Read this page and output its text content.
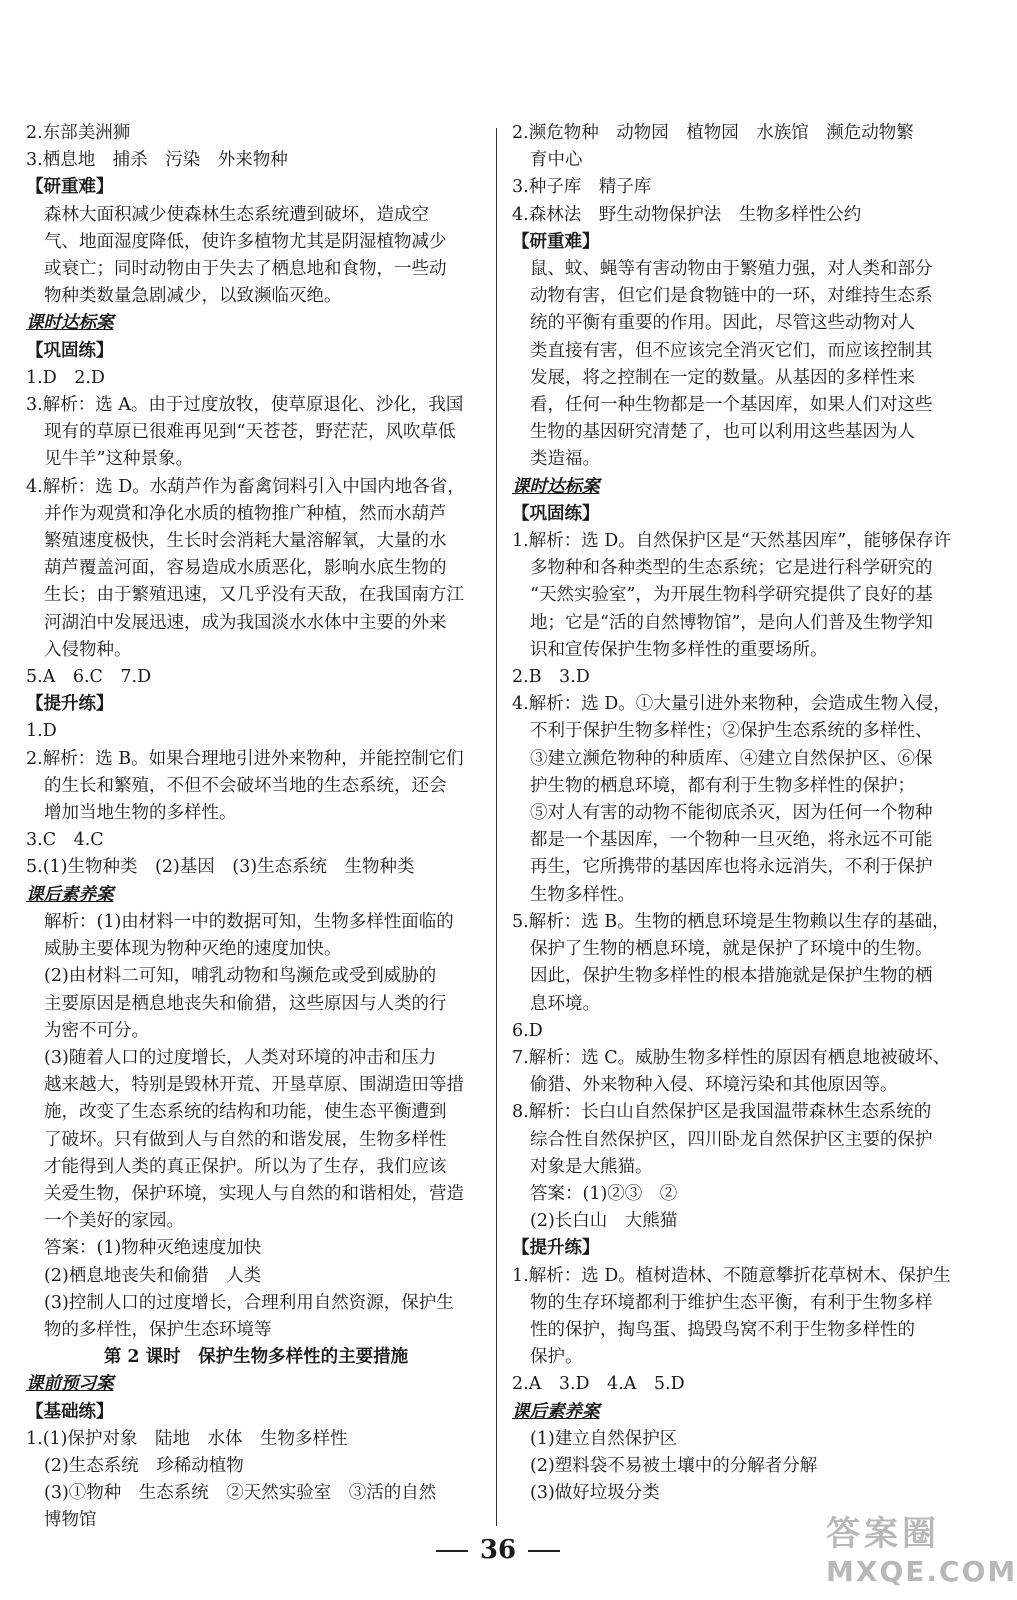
2.东部美洲狮
3.栖息地　捕杀　污染　外来物种
【研重难】
森林大面积减少使森林生态系统遭到破坏，造成空
气、地面湿度降低，使许多植物尤其是阴湿植物减少
或衰亡；同时动物由于失去了栖息地和食物，一些动
物种类数量急剧减少，以致濒临灭绝。
课时达标案
【巩固练】
1.D　2.D
3.解析：选 A。由于过度放牧，使草原退化、沙化，我国
现有的草原已很难再见到“天苍苍，野茫茫，风吹草低
见牛羊”这种景象。
4.解析：选 D。水葫芦作为畜禽饲料引入中国内地各省，
并作为观赏和净化水质的植物推广种植，然而水葫芦
繁殖速度极快，生长时会消耗大量溶解氧，大量的水
葫芦覆盖河面，容易造成水质恶化，影响水底生物的
生长；由于繁殖迅速，又几乎没有天敌，在我国南方江
河湖泊中发展迅速，成为我国淡水水体中主要的外来
入侵物种。
5.A　6.C　7.D
【提升练】
1.D
2.解析：选 B。如果合理地引进外来物种，并能控制它们
的生长和繁殖，不但不会破坏当地的生态系统，还会
增加当地生物的多样性。
3.C　4.C
5.(1)生物种类　(2)基因　(3)生态系统　生物种类
课后素养案
解析：(1)由材料一中的数据可知，生物多样性面临的
威胁主要体现为物种灭绝的速度加快。
(2)由材料二可知，哺乳动物和鸟濒危或受到威胁的
主要原因是栖息地丧失和偷猎，这些原因与人类的行
为密不可分。
(3)随着人口的过度增长，人类对环境的冲击和压力
越来越大，特别是毁林开荒、开垦草原、围湖造田等措
施，改变了生态系统的结构和功能，使生态平衡遭到
了破坏。只有做到人与自然的和谐发展，生物多样性
才能得到人类的真正保护。所以为了生存，我们应该
关爱生物，保护环境，实现人与自然的和谐相处，营造
一个美好的家园。
答案：(1)物种灭绝速度加快
(2)栖息地丧失和偷猎　人类
(3)控制人口的过度增长，合理利用自然资源，保护生
物的多样性，保护生态环境等
第 2 课时　保护生物多样性的主要措施
课前预习案
【基础练】
1.(1)保护对象　陆地　水体　生物多样性
(2)生态系统　珍稀动植物
(3)①物种　生态系统　②天然实验室　③活的自然
博物馆
2.濒危物种　动物园　植物园　水族馆　濒危动物繁
育中心
3.种子库　精子库
4.森林法　野生动物保护法　生物多样性公约
【研重难】
鼠、蚊、蝇等有害动物由于繁殖力强，对人类和部分
动物有害，但它们是食物链中的一环，对维持生态系
统的平衡有重要的作用。因此，尽管这些动物对人
类直接有害，但不应该完全消灭它们，而应该控制其
发展，将之控制在一定的数量。从基因的多样性来
看，任何一种生物都是一个基因库，如果人们对这些
生物的基因研究清楚了，也可以利用这些基因为人
类造福。
课时达标案
【巩固练】
1.解析：选 D。自然保护区是“天然基因库”，能够保存许
多物种和各种类型的生态系统；它是进行科学研究的
“天然实验室”，为开展生物科学研究提供了良好的基
地；它是“活的自然博物馆”，是向人们普及生物学知
识和宣传保护生物多样性的重要场所。
2.B　3.D
4.解析：选 D。①大量引进外来物种，会造成生物入侵，
不利于保护生物多样性；②保护生态系统的多样性、
③建立濒危物种的种质库、④建立自然保护区、⑥保
护生物的栖息环境，都有利于生物多样性的保护；
⑤对人有害的动物不能彻底杀灭，因为任何一个物种
都是一个基因库，一个物种一旦灭绝，将永远不可能
再生，它所携带的基因库也将永远消失，不利于保护
生物多样性。
5.解析：选 B。生物的栖息环境是生物赖以生存的基础，
保护了生物的栖息环境，就是保护了环境中的生物。
因此，保护生物多样性的根本措施就是保护生物的栖
息环境。
6.D
7.解析：选 C。威胁生物多样性的原因有栖息地被破坏、
偷猎、外来物种入侵、环境污染和其他原因等。
8.解析：长白山自然保护区是我国温带森林生态系统的
综合性自然保护区，四川卧龙自然保护区主要的保护
对象是大熊猫。
答案：(1)②③　②
(2)长白山　大熊猫
【提升练】
1.解析：选 D。植树造林、不随意攀折花草树木、保护生
物的生存环境都利于维护生态平衡，有利于生物多样
性的保护，掏鸟蛋、捣毁鸟窝不利于生物多样性的
保护。
2.A　3.D　4.A　5.D
课后素养案
(1)建立自然保护区
(2)塑料袋不易被土壤中的分解者分解
(3)做好垃圾分类
36	答案圈
MXQE.COM
